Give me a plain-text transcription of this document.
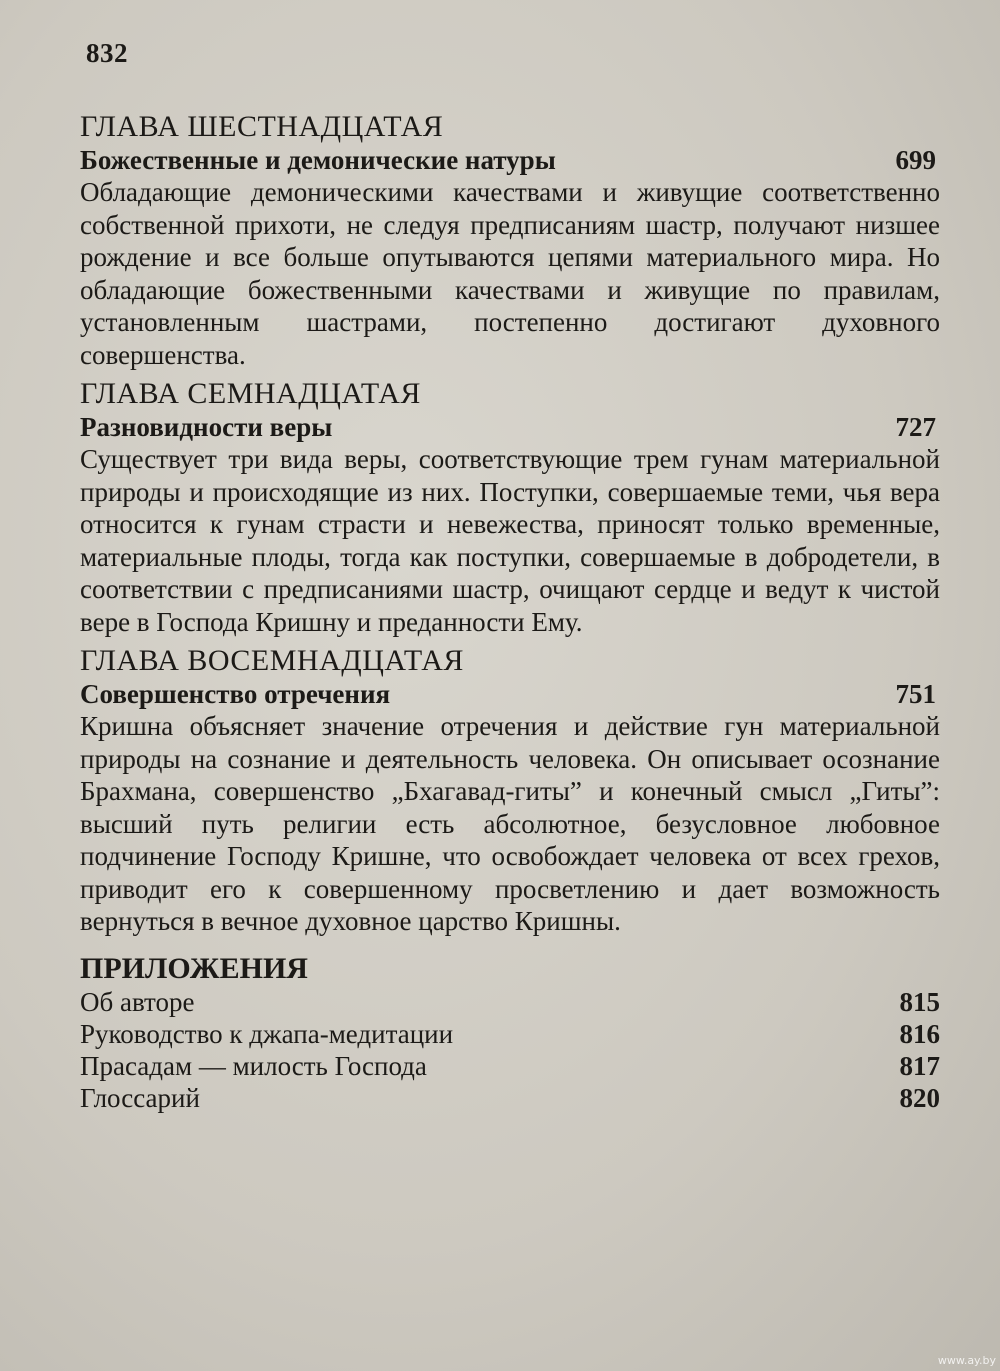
832
ГЛАВА ШЕСТНАДЦАТАЯ
Божественные и демонические натуры	699

Обладающие демоническими качествами и живущие соответственно собственной прихоти, не следуя предписаниям шастр, получают низшее рождение и все больше опутываются цепями материального мира. Но обладающие божественными качествами и живущие по правилам, установленным шастрами, постепенно достигают духовного совершенства.

ГЛАВА СЕМНАДЦАТАЯ
Разновидности веры	727

Существует три вида веры, соответствующие трем гунам материальной природы и происходящие из них. Поступки, совершаемые теми, чья вера относится к гунам страсти и невежества, приносят только временные, материальные плоды, тогда как поступки, совершаемые в добродетели, в соответствии с предписаниями шастр, очищают сердце и ведут к чистой вере в Господа Кришну и преданности Ему.

ГЛАВА ВОСЕМНАДЦАТАЯ
Совершенство отречения	751

Кришна объясняет значение отречения и действие гун материальной природы на сознание и деятельность человека. Он описывает осознание Брахмана, совершенство „Бхагавад-гиты” и конечный смысл „Гиты”: высший путь религии есть абсолютное, безусловное любовное подчинение Господу Кришне, что освобождает человека от всех грехов, приводит его к совершенному просветлению и дает возможность вернуться в вечное духовное царство Кришны.

ПРИЛОЖЕНИЯ
Об авторе	815
Руководство к джапа-медитации	816
Прасадам — милость Господа	817
Глоссарий	820
www.ay.by
